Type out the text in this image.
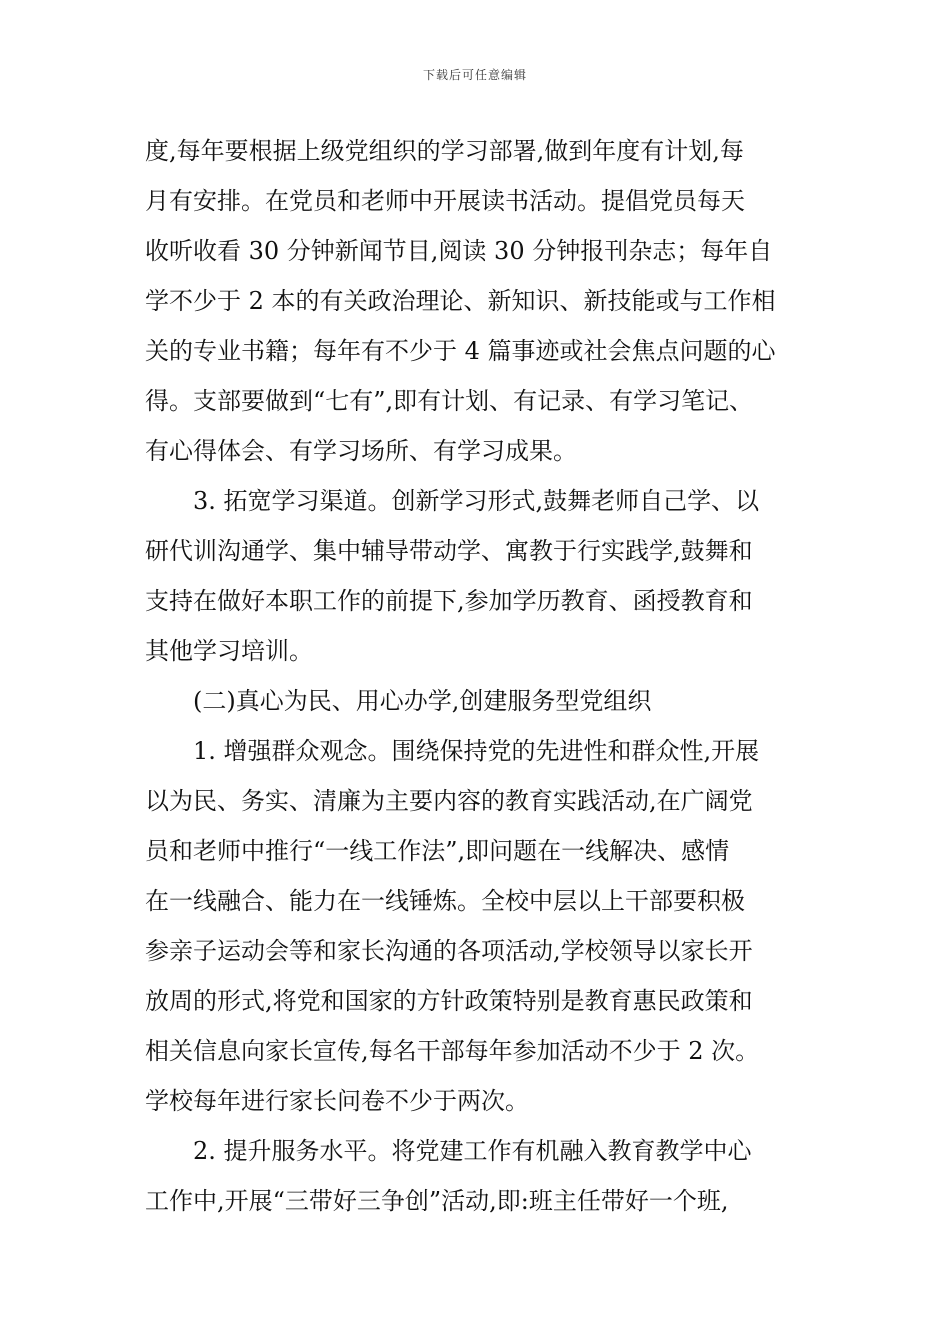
下载后可任意编辑
度,每年要根据上级党组织的学习部署,做到年度有计划,每
月有安排。在党员和老师中开展读书活动。提倡党员每天
收听收看 30 分钟新闻节目,阅读 30 分钟报刊杂志；每年自
学不少于 2 本的有关政治理论、新知识、新技能或与工作相
关的专业书籍；每年有不少于 4 篇事迹或社会焦点问题的心
得。支部要做到“七有”,即有计划、有记录、有学习笔记、
有心得体会、有学习场所、有学习成果。
3. 拓宽学习渠道。创新学习形式,鼓舞老师自己学、以
研代训沟通学、集中辅导带动学、寓教于行实践学,鼓舞和
支持在做好本职工作的前提下,参加学历教育、函授教育和
其他学习培训。
(二)真心为民、用心办学,创建服务型党组织
1. 增强群众观念。围绕保持党的先进性和群众性,开展
以为民、务实、清廉为主要内容的教育实践活动,在广阔党
员和老师中推行“一线工作法”,即问题在一线解决、感情
在一线融合、能力在一线锤炼。全校中层以上干部要积极
参亲子运动会等和家长沟通的各项活动,学校领导以家长开
放周的形式,将党和国家的方针政策特别是教育惠民政策和
相关信息向家长宣传,每名干部每年参加活动不少于 2 次。
学校每年进行家长问卷不少于两次。
2. 提升服务水平。将党建工作有机融入教育教学中心
工作中,开展“三带好三争创”活动,即:班主任带好一个班,
